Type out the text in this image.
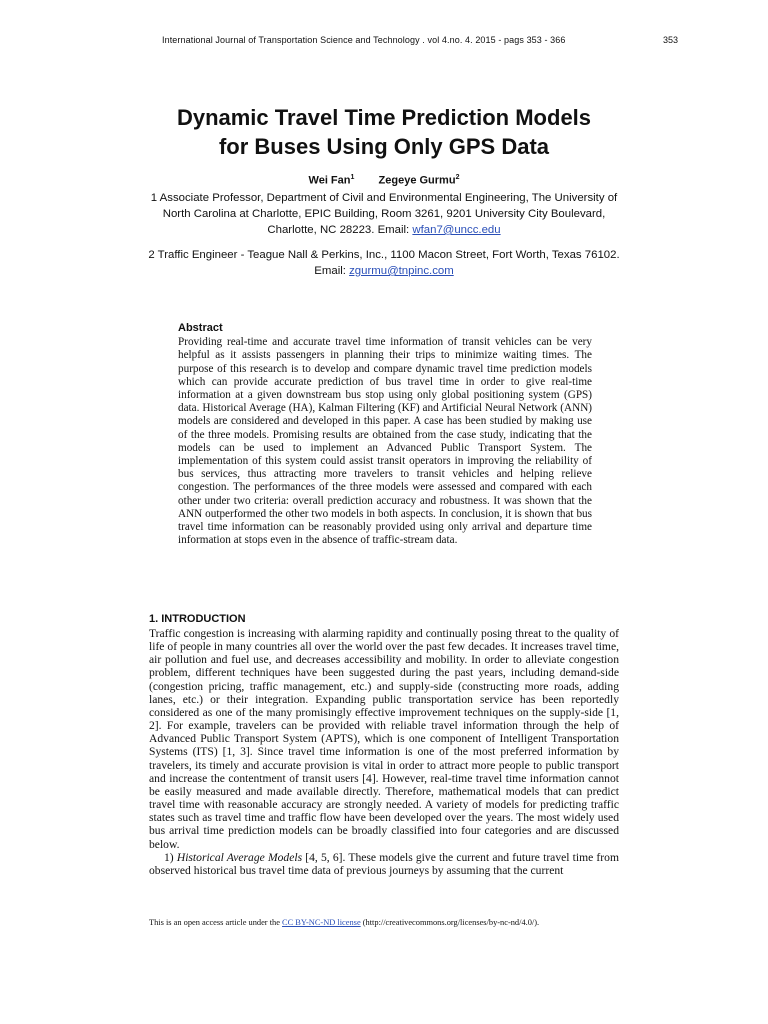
International Journal of Transportation Science and Technology . vol 4.no. 4. 2015 - pags 353 - 366	353
Dynamic Travel Time Prediction Models
for Buses Using Only GPS Data
Wei Fan$^1$ Zegeye Gurmu$^2$
1 Associate Professor, Department of Civil and Environmental Engineering, The University of North Carolina at Charlotte, EPIC Building, Room 3261, 9201 University City Boulevard, Charlotte, NC 28223. Email: wfan7@uncc.edu
2 Traffic Engineer - Teague Nall & Perkins, Inc., 1100 Macon Street, Fort Worth, Texas 76102. Email: zgurmu@tnpinc.com
Abstract

Providing real-time and accurate travel time information of transit vehicles can be very helpful as it assists passengers in planning their trips to minimize waiting times. The purpose of this research is to develop and compare dynamic travel time prediction models which can provide accurate prediction of bus travel time in order to give real-time information at a given downstream bus stop using only global positioning system (GPS) data. Historical Average (HA), Kalman Filtering (KF) and Artificial Neural Network (ANN) models are considered and developed in this paper. A case has been studied by making use of the three models. Promising results are obtained from the case study, indicating that the models can be used to implement an Advanced Public Transport System. The implementation of this system could assist transit operators in improving the reliability of bus services, thus attracting more travelers to transit vehicles and helping relieve congestion. The performances of the three models were assessed and compared with each other under two criteria: overall prediction accuracy and robustness. It was shown that the ANN outperformed the other two models in both aspects. In conclusion, it is shown that bus travel time information can be reasonably provided using only arrival and departure time information at stops even in the absence of traffic-stream data.

1. INTRODUCTION

Traffic congestion is increasing with alarming rapidity and continually posing threat to the quality of life of people in many countries all over the world over the past few decades. It increases travel time, air pollution and fuel use, and decreases accessibility and mobility. In order to alleviate congestion problem, different techniques have been suggested during the past years, including demand-side (congestion pricing, traffic management, etc.) and supply-side (constructing more roads, adding lanes, etc.) or their integration. Expanding public transportation service has been reportedly considered as one of the many promisingly effective improvement techniques on the supply-side [1, 2]. For example, travelers can be provided with reliable travel information through the help of Advanced Public Transport System (APTS), which is one component of Intelligent Transportation Systems (ITS) [1, 3]. Since travel time information is one of the most preferred information by travelers, its timely and accurate provision is vital in order to attract more people to public transport and increase the contentment of transit users [4]. However, real-time travel time information cannot be easily measured and made available directly. Therefore, mathematical models that can predict travel time with reasonable accuracy are strongly needed. A variety of models for predicting traffic states such as travel time and traffic flow have been developed over the years. The most widely used bus arrival time prediction models can be broadly classified into four categories and are discussed below.

1) Historical Average Models [4, 5, 6]. These models give the current and future travel time from observed historical bus travel time data of previous journeys by assuming that the current

This is an open access article under the CC BY-NC-ND license (http://creativecommons.org/licenses/by-nc-nd/4.0/).
